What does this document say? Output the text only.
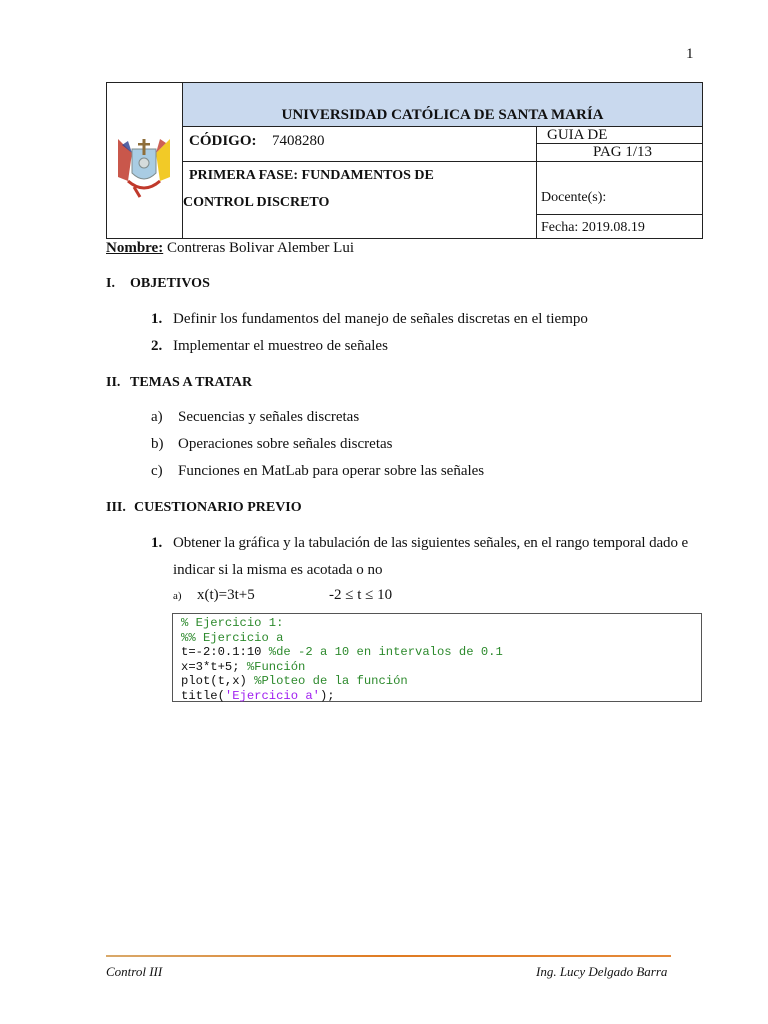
1
UNIVERSIDAD CATÓLICA DE SANTA MARÍA
CÓDIGO: 7408280	GUIA DE
PAG 1/13
PRIMERA FASE: FUNDAMENTOS DE
CONTROL DISCRETO	Docente(s):
Fecha: 2019.08.19
Nombre: Contreras Bolivar Alember Lui
I. OBJETIVOS
1. Definir los fundamentos del manejo de señales discretas en el tiempo
2. Implementar el muestreo de señales
II. TEMAS A TRATAR
a) Secuencias y señales discretas
b) Operaciones sobre señales discretas
c) Funciones en MatLab para operar sobre las señales
III. CUESTIONARIO PREVIO
1. Obtener la gráfica y la tabulación de las siguientes señales, en el rango temporal dado e
indicar si la misma es acotada o no
a) x(t)=3t+5	-2 ≤ t ≤ 10
% Ejercicio 1:
%% Ejercicio a
t=-2:0.1:10 %de -2 a 10 en intervalos de 0.1
x=3*t+5; %Función
plot(t,x) %Ploteo de la función
title('Ejercicio a');
Control III	Ing. Lucy Delgado Barra
